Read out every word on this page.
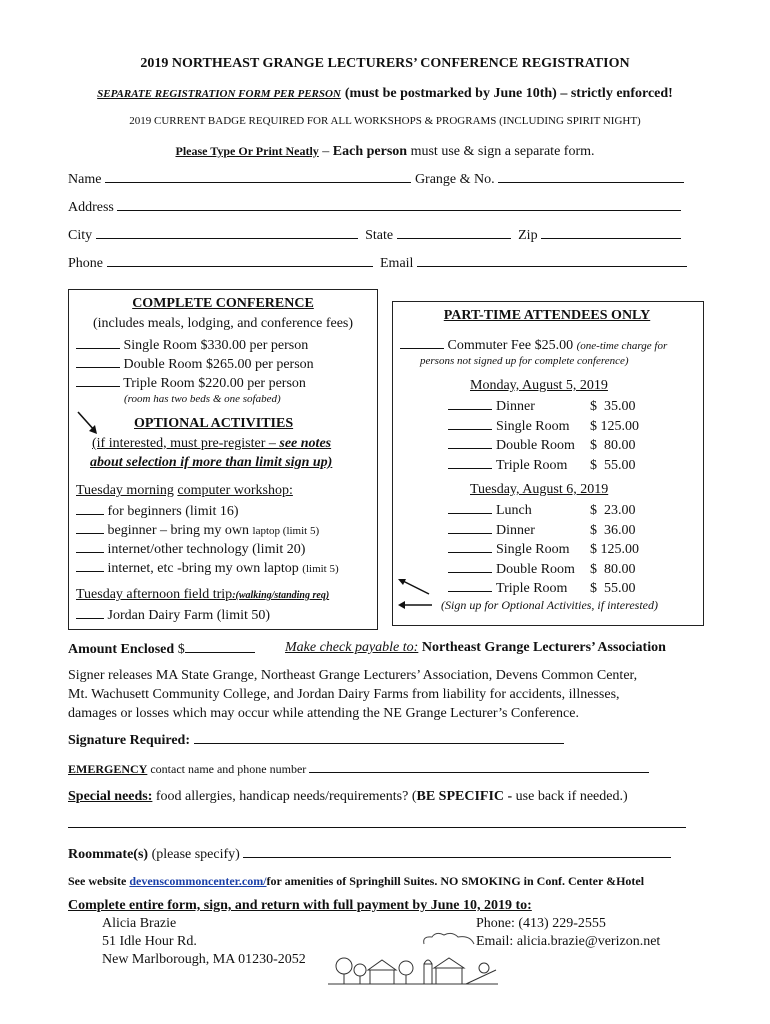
2019 NORTHEAST GRANGE LECTURERS’ CONFERENCE REGISTRATION
SEPARATE REGISTRATION FORM PER PERSON (must be postmarked by June 10th) – strictly enforced!
2019 CURRENT BADGE REQUIRED FOR ALL WORKSHOPS & PROGRAMS (INCLUDING SPIRIT NIGHT)
Please Type Or Print Neatly – Each person must use & sign a separate form.
Name	Grange & No.
Address
City	State	Zip
Phone	Email
COMPLETE CONFERENCE
(includes meals, lodging, and conference fees)
Single Room $330.00 per person
Double Room $265.00 per person
Triple Room $220.00 per person
(room has two beds & one sofabed)
OPTIONAL ACTIVITIES
(if interested, must pre-register – see notes
about selection if more than limit sign up)
Tuesday morning computer workshop:
for beginners (limit 16)
beginner – bring my own laptop (limit 5)
internet/other technology (limit 20)
internet, etc -bring my own laptop (limit 5)
Tuesday afternoon field trip:(walking/standing req)
Jordan Dairy Farm (limit 50)
PART-TIME ATTENDEES ONLY
Commuter Fee $25.00 (one-time charge for
persons not signed up for complete conference)
Monday, August 5, 2019
Dinner	$  35.00
Single Room $ 125.00
Double Room $  80.00
Triple Room $  55.00
Tuesday, August 6, 2019
Lunch	$  23.00
Dinner	$  36.00
Single Room $ 125.00
Double Room $  80.00
Triple Room $  55.00
(Sign up for Optional Activities, if interested)
Amount Enclosed $	Make check payable to: Northeast Grange Lecturers’ Association
Signer releases MA State Grange, Northeast Grange Lecturers’ Association, Devens Common Center,
Mt. Wachusett Community College, and Jordan Dairy Farms from liability for accidents, illnesses,
damages or losses which may occur while attending the NE Grange Lecturer’s Conference.
Signature Required:
EMERGENCY contact name and phone number
Special needs: food allergies, handicap needs/requirements? (BE SPECIFIC - use back if needed.)
Roommate(s) (please specify)
See website devenscommoncenter.com/for amenities of Springhill Suites. NO SMOKING in Conf. Center &Hotel
Complete entire form, sign, and return with full payment by June 10, 2019 to:
Alicia Brazie
51 Idle Hour Rd.
New Marlborough, MA 01230-2052
Phone: (413) 229-2555
Email: alicia.brazie@verizon.net
